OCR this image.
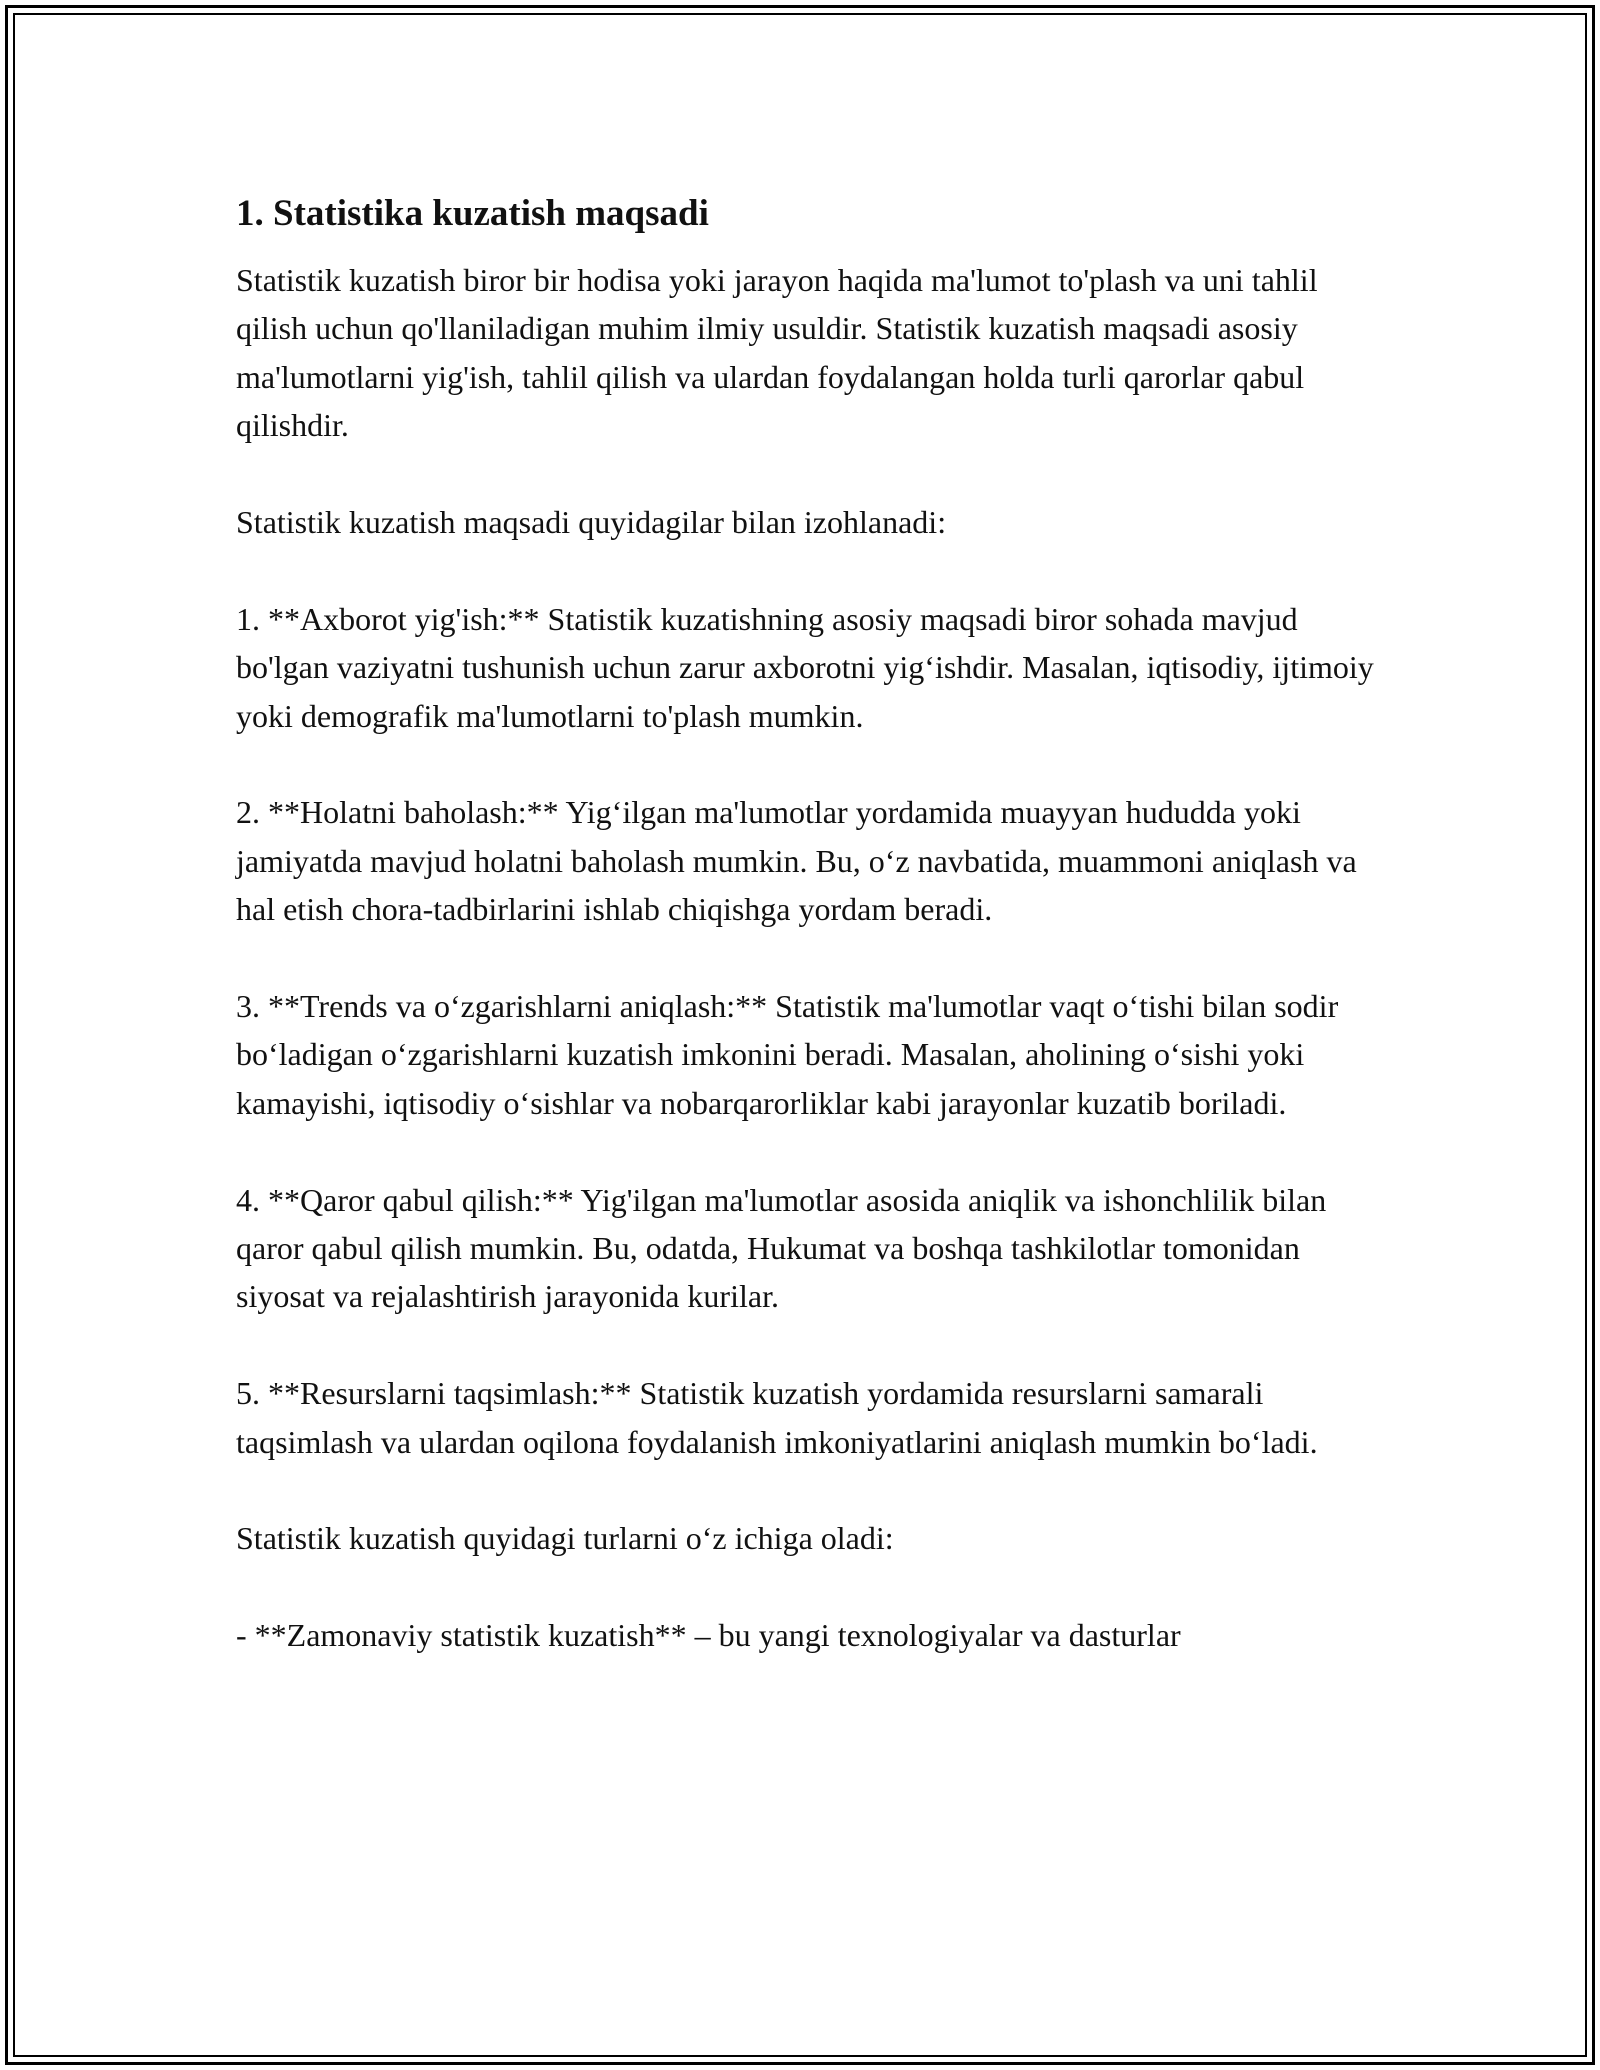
1. Statistika kuzatish maqsadi

Statistik kuzatish biror bir hodisa yoki jarayon haqida ma'lumot to'plash va uni tahlil qilish uchun qo'llaniladigan muhim ilmiy usuldir. Statistik kuzatish maqsadi asosiy ma'lumotlarni yig'ish, tahlil qilish va ulardan foydalangan holda turli qarorlar qabul qilishdir.

Statistik kuzatish maqsadi quyidagilar bilan izohlanadi:

1. **Axborot yig'ish:** Statistik kuzatishning asosiy maqsadi biror sohada mavjud bo'lgan vaziyatni tushunish uchun zarur axborotni yig‘ishdir. Masalan, iqtisodiy, ijtimoiy yoki demografik ma'lumotlarni to'plash mumkin.

2. **Holatni baholash:** Yig‘ilgan ma'lumotlar yordamida muayyan hududda yoki jamiyatda mavjud holatni baholash mumkin. Bu, o‘z navbatida, muammoni aniqlash va hal etish chora-tadbirlarini ishlab chiqishga yordam beradi.

3. **Trends va o‘zgarishlarni aniqlash:** Statistik ma'lumotlar vaqt o‘tishi bilan sodir bo‘ladigan o‘zgarishlarni kuzatish imkonini beradi. Masalan, aholining o‘sishi yoki kamayishi, iqtisodiy o‘sishlar va nobarqarorliklar kabi jarayonlar kuzatib boriladi.

4. **Qaror qabul qilish:** Yig'ilgan ma'lumotlar asosida aniqlik va ishonchlilik bilan qaror qabul qilish mumkin. Bu, odatda, Hukumat va boshqa tashkilotlar tomonidan siyosat va rejalashtirish jarayonida kurilar.

5. **Resurslarni taqsimlash:** Statistik kuzatish yordamida resurslarni samarali taqsimlash va ulardan oqilona foydalanish imkoniyatlarini aniqlash mumkin bo‘ladi.

Statistik kuzatish quyidagi turlarni o‘z ichiga oladi:

- **Zamonaviy statistik kuzatish** – bu yangi texnologiyalar va dasturlar
